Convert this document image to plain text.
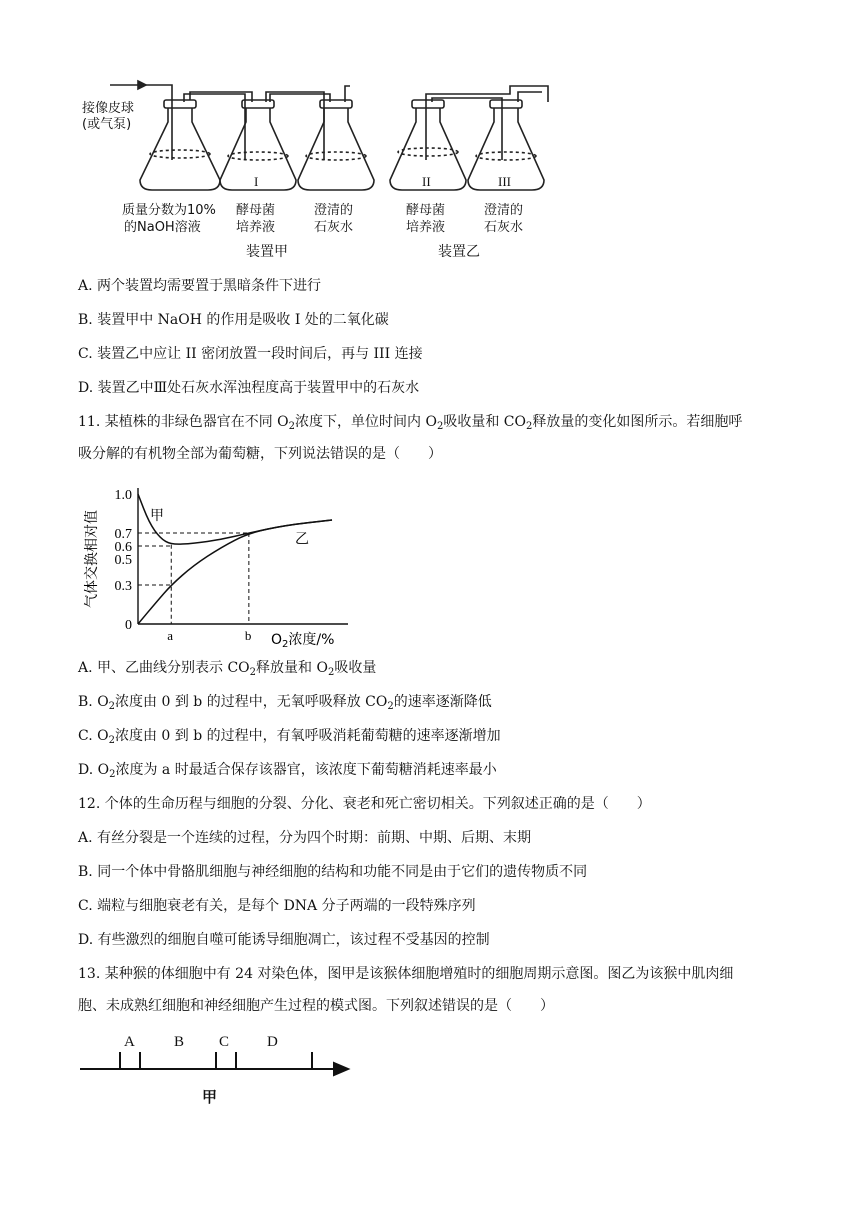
接像皮球
(或气泵)
I	II	III
质量分数为10%
的NaOH溶液
酵母菌
培养液
澄清的
石灰水
酵母菌
培养液
澄清的
石灰水
装置甲	装置乙
A. 两个装置均需要置于黑暗条件下进行
B. 装置甲中 NaOH 的作用是吸收 I 处的二氧化碳
C. 装置乙中应让 II 密闭放置一段时间后，再与 III 连接
D. 装置乙中Ⅲ处石灰水浑浊程度高于装置甲中的石灰水
11. 某植株的非绿色器官在不同 $O_2$浓度下，单位时间内 $O_2$吸收量和 $CO_2$释放量的变化如图所示。若细胞呼
吸分解的有机物全部为葡萄糖，下列说法错误的是（　　）
1.0
0.7
0.6
0.5
0.3
0
a	b
甲
乙
气体交换相对值
$O_2$浓度/%
A. 甲、乙曲线分别表示 $CO_2$释放量和 $O_2$吸收量
B. $O_2$浓度由 0 到 b 的过程中，无氧呼吸释放 $CO_2$的速率逐渐降低
C. $O_2$浓度由 0 到 b 的过程中，有氧呼吸消耗葡萄糖的速率逐渐增加
D. $O_2$浓度为 a 时最适合保存该器官，该浓度下葡萄糖消耗速率最小
12. 个体的生命历程与细胞的分裂、分化、衰老和死亡密切相关。下列叙述正确的是（　　）
A. 有丝分裂是一个连续的过程，分为四个时期：前期、中期、后期、末期
B. 同一个体中骨骼肌细胞与神经细胞的结构和功能不同是由于它们的遗传物质不同
C. 端粒与细胞衰老有关，是每个 DNA 分子两端的一段特殊序列
D. 有些激烈的细胞自噬可能诱导细胞凋亡，该过程不受基因的控制
13. 某种猴的体细胞中有 24 对染色体，图甲是该猴体细胞增殖时的细胞周期示意图。图乙为该猴中肌肉细
胞、未成熟红细胞和神经细胞产生过程的模式图。下列叙述错误的是（　　）
A	B C	D
甲
